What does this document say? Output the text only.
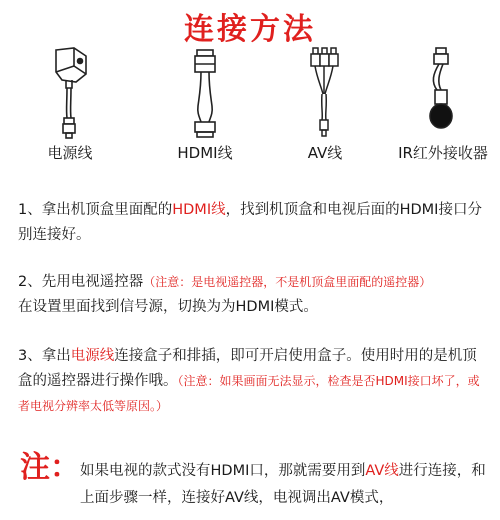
连接方法
电源线	HDMI线	AV线	IR红外接收器
1、拿出机顶盒里面配的HDMI线，找到机顶盒和电视后面的HDMI接口分别连接好。
2、先用电视遥控器（注意：是电视遥控器，不是机顶盒里面配的遥控器）
在设置里面找到信号源，切换为为HDMI模式。
3、拿出电源线连接盒子和排插，即可开启使用盒子。使用时用的是机顶盒的遥控器进行操作哦。（注意：如果画面无法显示，检查是否HDMI接口坏了，或者电视分辨率太低等原因。）
注： 如果电视的款式没有HDMI口，那就需要用到AV线进行连接，和上面步骤一样，连接好AV线，电视调出AV模式，
